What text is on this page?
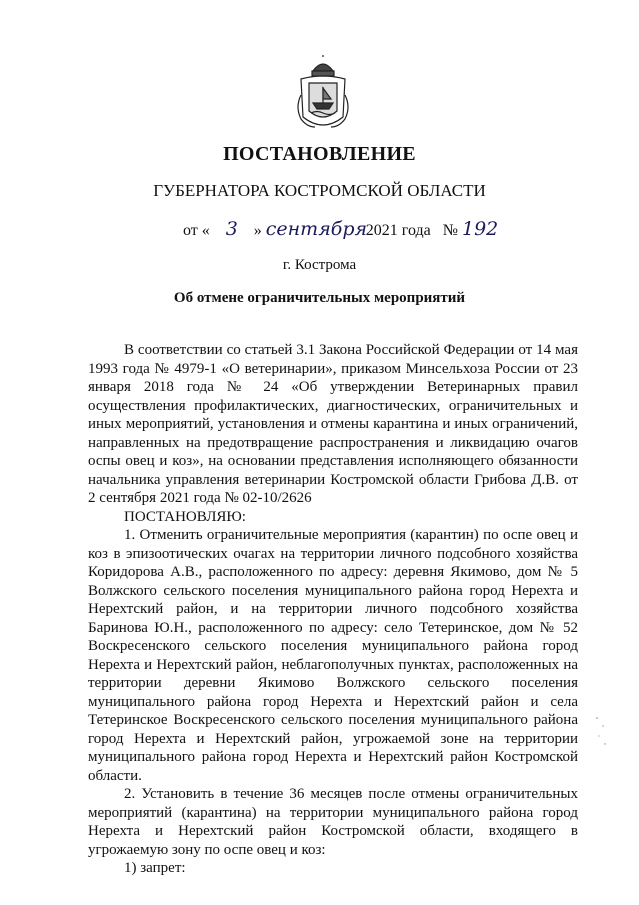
ПОСТАНОВЛЕНИЕ
ГУБЕРНАТОРА КОСТРОМСКОЙ ОБЛАСТИ
от « 3 » сентября 2021 года № 192
г. Кострома
Об отмене ограничительных мероприятий

В соответствии со статьей 3.1 Закона Российской Федерации от 14 мая 1993 года № 4979-1 «О ветеринарии», приказом Минсельхоза России от 23 января 2018 года № 24 «Об утверждении Ветеринарных правил осуществления профилактических, диагностических, ограничительных и иных мероприятий, установления и отмены карантина и иных ограничений, направленных на предотвращение распространения и ликвидацию очагов оспы овец и коз», на основании представления исполняющего обязанности начальника управления ветеринарии Костромской области Грибова Д.В. от 2 сентября 2021 года № 02-10/2626

ПОСТАНОВЛЯЮ:

1. Отменить ограничительные мероприятия (карантин) по оспе овец и коз в эпизоотических очагах на территории личного подсобного хозяйства Коридорова А.В., расположенного по адресу: деревня Якимово, дом № 5 Волжского сельского поселения муниципального района город Нерехта и Нерехтский район, и на территории личного подсобного хозяйства Баринова Ю.Н., расположенного по адресу: село Тетеринское, дом № 52 Воскресенского сельского поселения муниципального района город Нерехта и Нерехтский район, неблагополучных пунктах, расположенных на территории деревни Якимово Волжского сельского поселения муниципального района город Нерехта и Нерехтский район и села Тетеринское Воскресенского сельского поселения муниципального района город Нерехта и Нерехтский район, угрожаемой зоне на территории муниципального района город Нерехта и Нерехтский район Костромской области.

2. Установить в течение 36 месяцев после отмены ограничительных мероприятий (карантина) на территории муниципального района город Нерехта и Нерехтский район Костромской области, входящего в угрожаемую зону по оспе овец и коз:

1) запрет:
